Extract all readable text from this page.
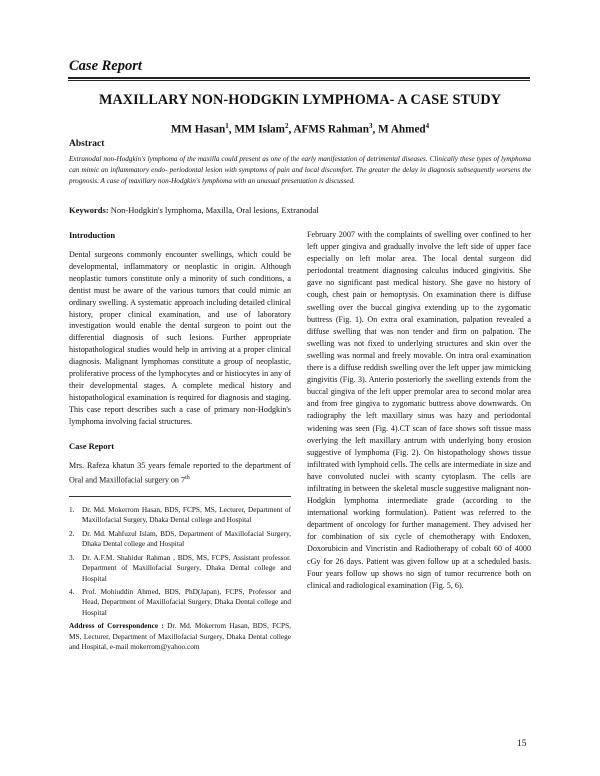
Case Report
MAXILLARY NON-HODGKIN LYMPHOMA- A CASE STUDY
MM Hasan$^1$, MM Islam$^2$, AFMS Rahman$^3$, M Ahmed$^4$
Abstract
Extranodal non-Hodgkin's lymphoma of the maxilla could present as one of the early manifestation of detrimental diseases. Clinically these types of lymphoma can mimic an inflammatory endo- periodontal lesion with symptoms of pain and local discomfort. The greater the delay in diagnosis subsequently worsens the prognosis. A case of maxillary non-Hodgkin's lymphoma with an unusual presentation is discussed.
Keywords: Non-Hodgkin's lymphoma, Maxilla, Oral lesions, Extranodal
Introduction

Dental surgeons commonly encounter swellings, which could be developmental, inflammatory or neoplastic in origin. Although neoplastic tumors constitute only a minority of such conditions, a dentist must be aware of the various tumors that could mimic an ordinary swelling. A systematic approach including detailed clinical history, proper clinical examination, and use of laboratory investigation would enable the dental surgeon to point out the differential diagnosis of such lesions. Further appropriate histopathological studies would help in arriving at a proper clinical diagnosis. Malignant lymphomas constitute a group of neoplastic, proliferative process of the lymphocytes and or histiocytes in any of their developmental stages. A complete medical history and histopathological examination is required for diagnosis and staging. This case report describes such a case of primary non-Hodgkin's lymphoma involving facial structures.

Case Report

Mrs. Rafeza khatun 35 years female reported to the department of Oral and Maxillofacial surgery on 7th

1. Dr. Md. Mokerrom Hasan, BDS, FCPS, MS, Lecturer, Department of Maxillofacial Surgery, Dhaka Dental college and Hospital
2. Dr. Md. Mahfuzul Islam, BDS, Department of Maxillofacial Surgery, Dhaka Dental college and Hospital
3. Dr. A.F.M. Shahidur Rahman , BDS, MS, FCPS, Assistant professor. Department of Maxillofacial Surgery, Dhaka Dental college and Hospital
4. Prof. Mohiuddin Ahmed, BDS, PhD(Japan), FCPS, Professor and Head, Department of Maxillofacial Surgery, Dhaka Dental college and Hospital
Address of Correspondence : Dr. Md. Mokerrom Hasan, BDS, FCPS, MS, Lecturer, Department of Maxillofacial Surgery, Dhaka Dental college and Hospital, e-mail mokerrom@yahoo.com

February 2007 with the complaints of swelling over confined to her left upper gingiva and gradually involve the left side of upper face especially on left molar area. The local dental surgeon did periodontal treatment diagnosing calculus induced gingivitis. She gave no significant past medical history. She gave no history of cough, chest pain or hemoptysis. On examination there is diffuse swelling over the buccal gingiva extending up to the zygomatic buttress (Fig. 1). On extra oral examination, palpation revealed a diffuse swelling that was non tender and firm on palpation. The swelling was not fixed to underlying structures and skin over the swelling was normal and freely movable. On intra oral examination there is a diffuse reddish swelling over the left upper jaw mimicking gingivitis (Fig. 3). Anterio posteriorly the swelling extends from the buccal gingiva of the left upper premolar area to second molar area and from free gingiva to zygomatic buttress above downwards. On radiography the left maxillary sinus was hazy and periodontal widening was seen (Fig. 4).CT scan of face shows soft tissue mass overlying the left maxillary antrum with underlying bony erosion suggestive of lymphoma (Fig. 2). On histopathology shows tissue infiltrated with lymphoid cells. The cells are intermediate in size and have convoluted nuclei with scanty cytoplasm. The cells are infiltrating in between the skeletal muscle suggestive malignant non- Hodgkin lymphoma intermediate grade (according to the international working formulation). Patient was referred to the department of oncology for further management. They advised her for combination of six cycle of chemotherapy with Endoxen, Doxorubicin and Vincristin and Radiotherapy of cobalt 60 of 4000 cGy for 26 days. Patient was given follow up at a scheduled basis. Four years follow up shows no sign of tumor recurrence both on clinical and radiological examination (Fig. 5, 6).

15
